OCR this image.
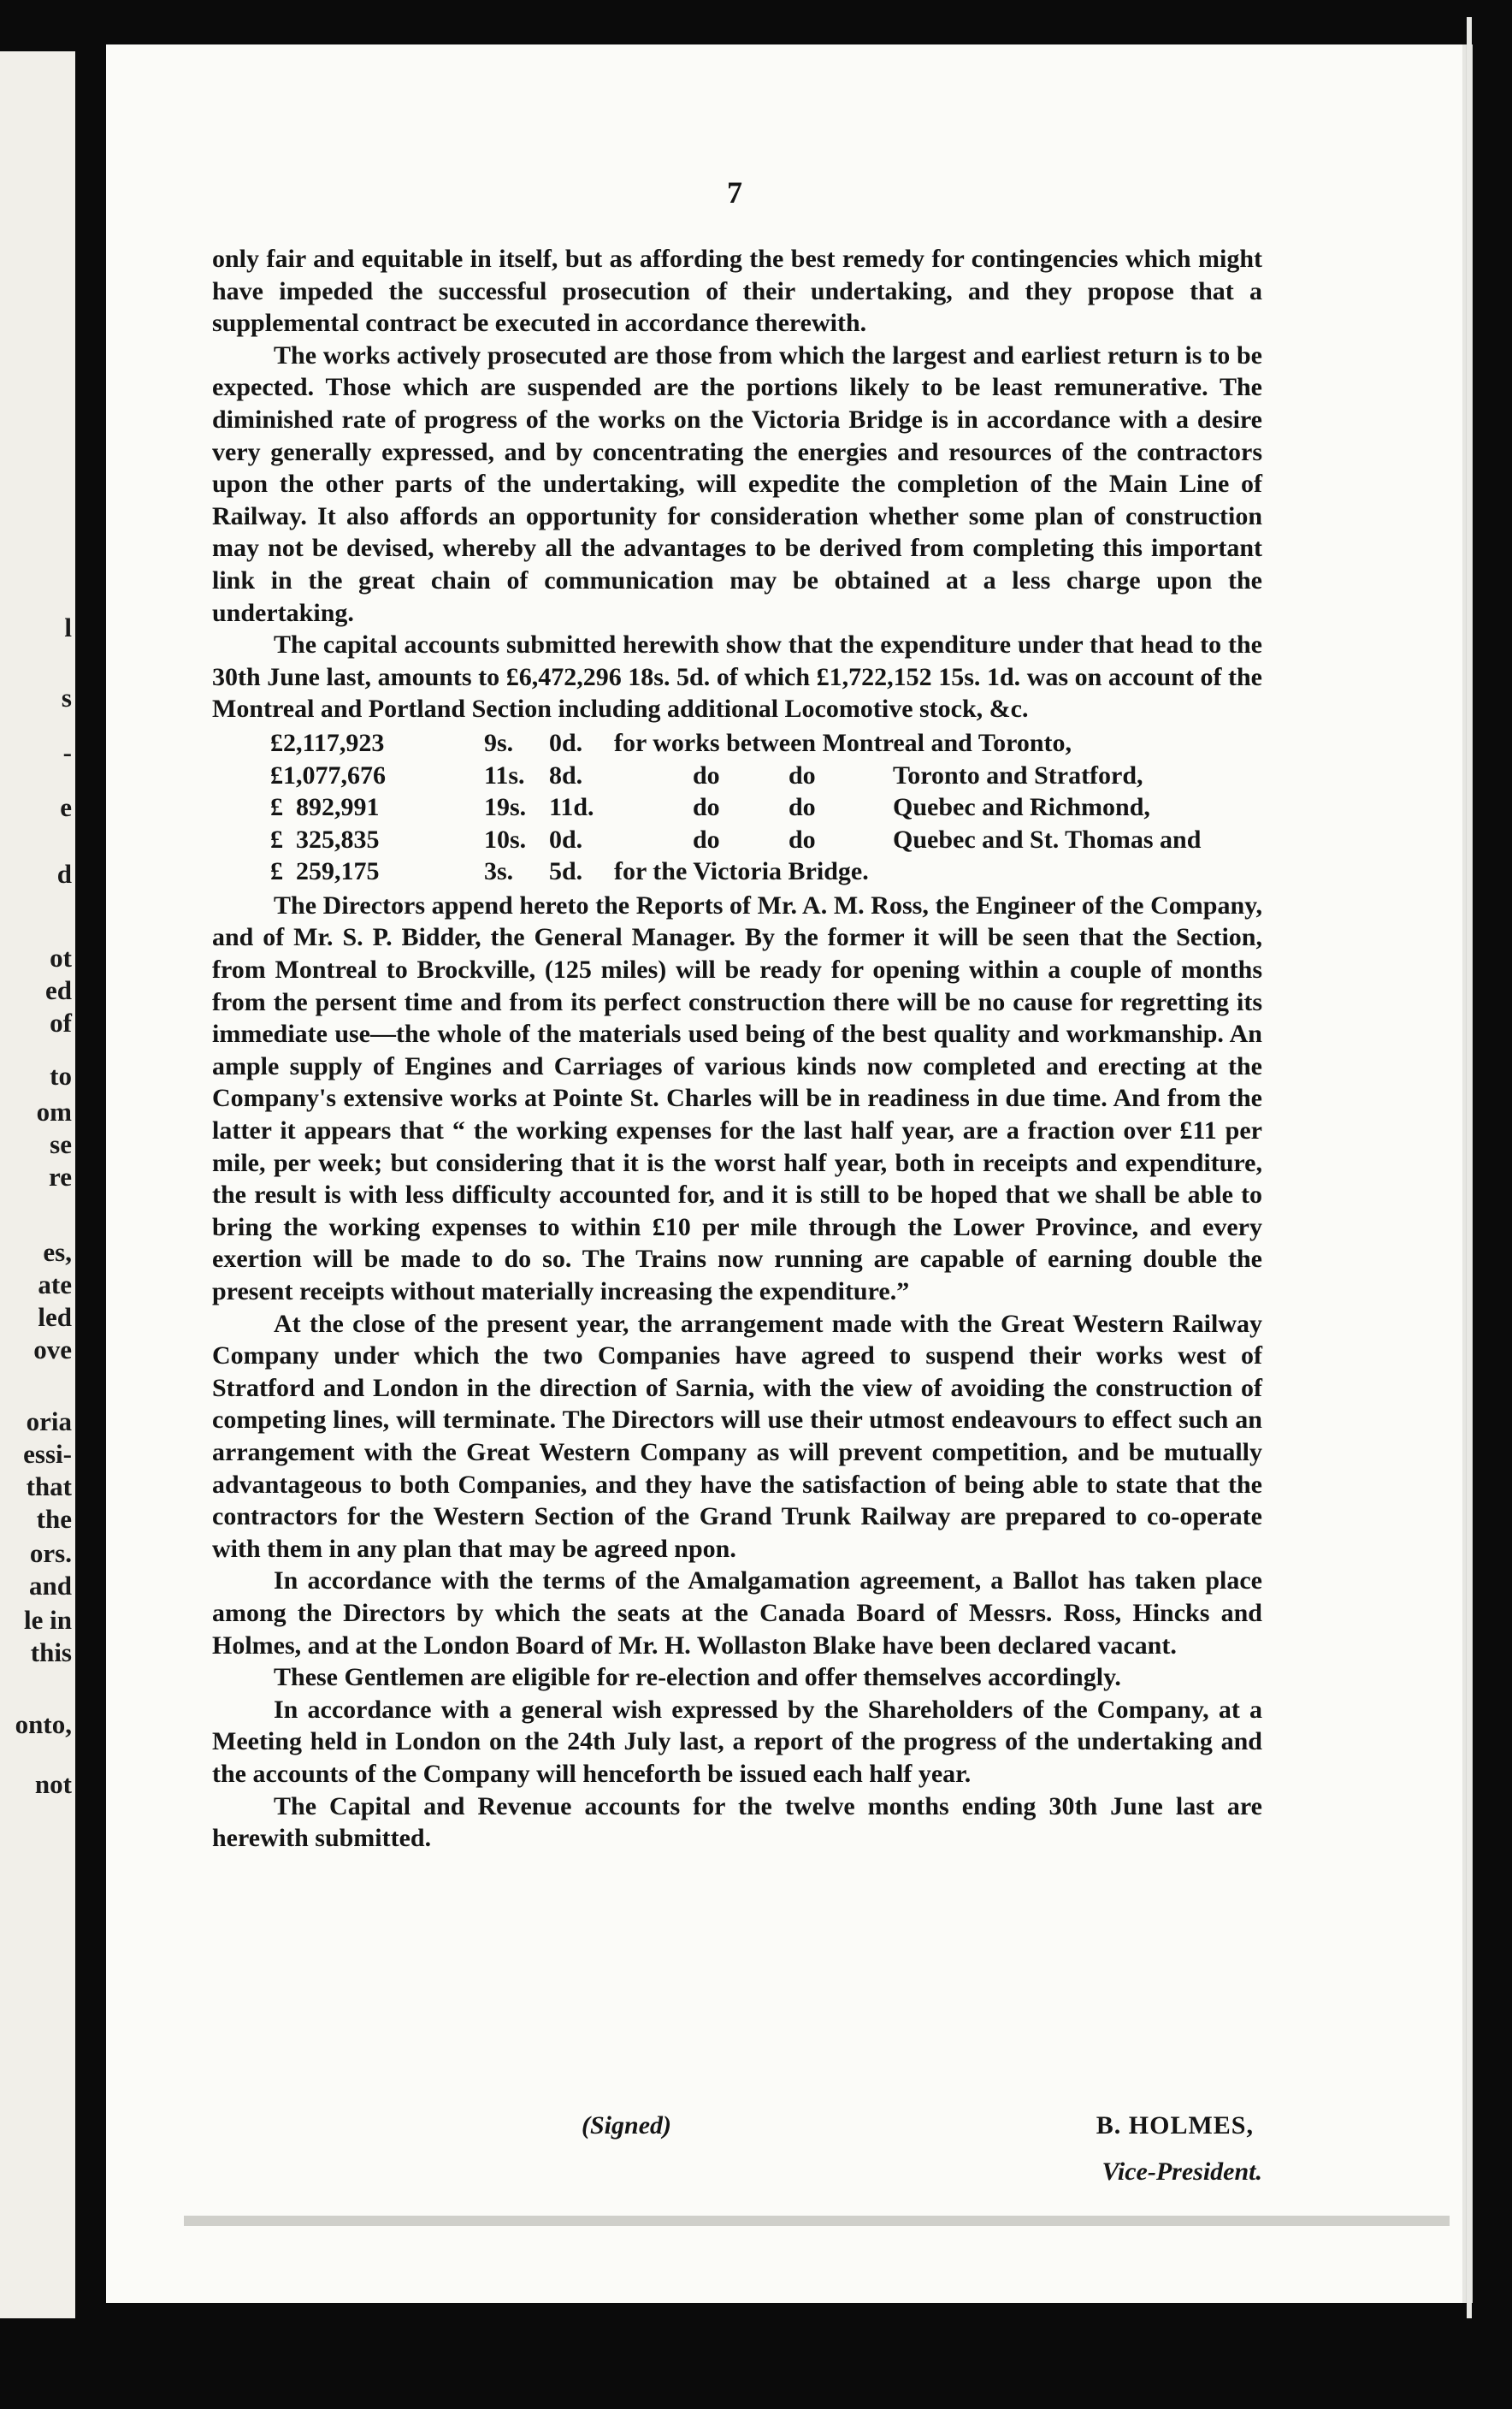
l
s
-
e
d
ot
ed
of
to
om
se
re
es,
ate
led
ove
oria
essi-
that
the
ors.
and
le in
this
onto,
not
7

only fair and equitable in itself, but as affording the best remedy for contingencies which might have impeded the successful prosecution of their undertaking, and they propose that a supplemental contract be executed in accordance therewith.

The works actively prosecuted are those from which the largest and earliest return is to be expected. Those which are suspended are the portions likely to be least remunerative. The diminished rate of progress of the works on the Victoria Bridge is in accordance with a desire very generally expressed, and by concentrating the energies and resources of the contractors upon the other parts of the undertaking, will expedite the completion of the Main Line of Railway. It also affords an opportunity for consideration whether some plan of construction may not be devised, whereby all the advantages to be derived from completing this important link in the great chain of communication may be obtained at a less charge upon the undertaking.

The capital accounts submitted herewith show that the expenditure under that head to the 30th June last, amounts to £6,472,296 18s. 5d. of which £1,722,152 15s. 1d. was on account of the Montreal and Portland Section including additional Locomotive stock, &c.

£2,117,923	9s.	0d.	for works between Montreal and Toronto,		
£1,077,676	11s.	8d.	do	do	Toronto and Stratford,
£  892,991	19s.	11d.	do	do	Quebec and Richmond,
£  325,835	10s.	0d.	do	do	Quebec and St. Thomas and
£  259,175	3s.	5d.	for the Victoria Bridge.		

The Directors append hereto the Reports of Mr. A. M. Ross, the Engineer of the Company, and of Mr. S. P. Bidder, the General Manager. By the former it will be seen that the Section, from Montreal to Brockville, (125 miles) will be ready for opening within a couple of months from the persent time and from its perfect construction there will be no cause for regretting its immediate use—the whole of the materials used being of the best quality and workmanship. An ample supply of Engines and Carriages of various kinds now completed and erecting at the Company's extensive works at Pointe St. Charles will be in readiness in due time. And from the latter it appears that “ the working expenses for the last half year, are a fraction over £11 per mile, per week; but considering that it is the worst half year, both in receipts and expenditure, the result is with less difficulty accounted for, and it is still to be hoped that we shall be able to bring the working expenses to within £10 per mile through the Lower Province, and every exertion will be made to do so. The Trains now running are capable of earning double the present receipts without materially increasing the expenditure.”

At the close of the present year, the arrangement made with the Great Western Railway Company under which the two Companies have agreed to suspend their works west of Stratford and London in the direction of Sarnia, with the view of avoiding the construction of competing lines, will terminate. The Directors will use their utmost endeavours to effect such an arrangement with the Great Western Company as will prevent competition, and be mutually advantageous to both Companies, and they have the satisfaction of being able to state that the contractors for the Western Section of the Grand Trunk Railway are prepared to co-operate with them in any plan that may be agreed npon.

In accordance with the terms of the Amalgamation agreement, a Ballot has taken place among the Directors by which the seats at the Canada Board of Messrs. Ross, Hincks and Holmes, and at the London Board of Mr. H. Wollaston Blake have been declared vacant.

These Gentlemen are eligible for re-election and offer themselves accordingly.

In accordance with a general wish expressed by the Shareholders of the Company, at a Meeting held in London on the 24th July last, a report of the progress of the undertaking and the accounts of the Company will henceforth be issued each half year.

The Capital and Revenue accounts for the twelve months ending 30th June last are herewith submitted.

(Signed)	B. HOLMES,
Vice-President.
